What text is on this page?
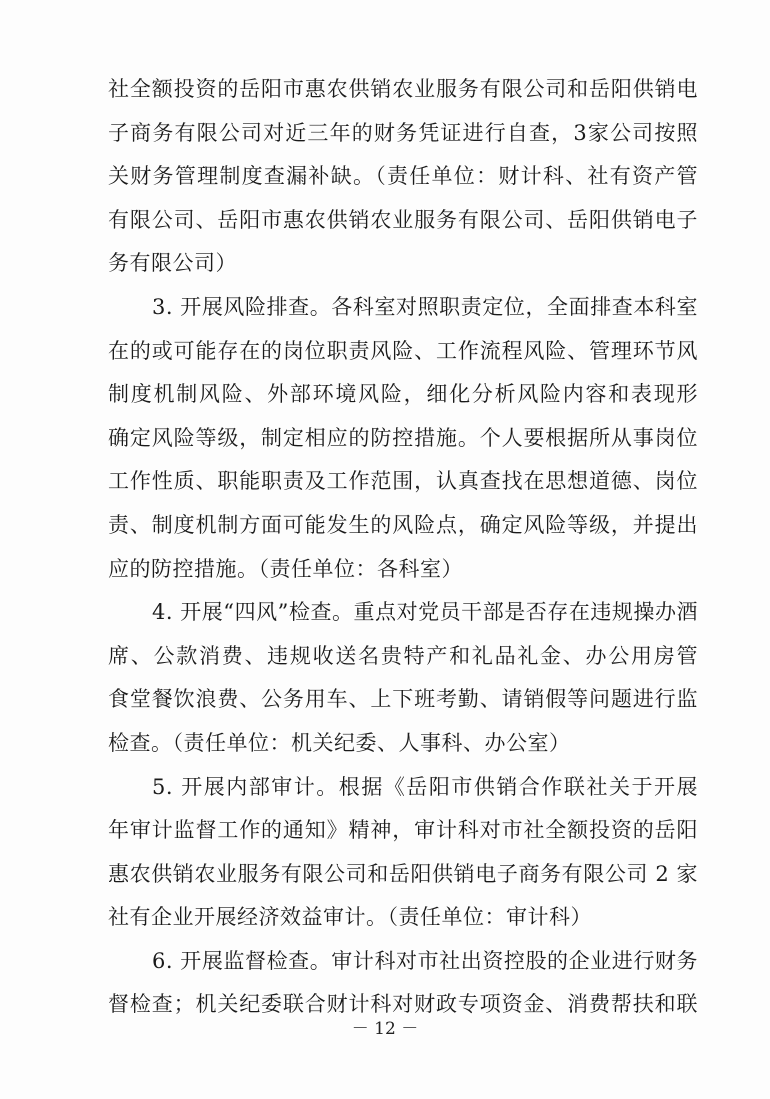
社全额投资的岳阳市惠农供销农业服务有限公司和岳阳供销电
子商务有限公司对近三年的财务凭证进行自查，3家公司按照
关财务管理制度查漏补缺。（责任单位：财计科、社有资产管
有限公司、岳阳市惠农供销农业服务有限公司、岳阳供销电子
务有限公司）
3. 开展风险排查。各科室对照职责定位，全面排查本科室
在的或可能存在的岗位职责风险、工作流程风险、管理环节风
制度机制风险、外部环境风险，细化分析风险内容和表现形
确定风险等级，制定相应的防控措施。个人要根据所从事岗位
工作性质、职能职责及工作范围，认真查找在思想道德、岗位
责、制度机制方面可能发生的风险点，确定风险等级，并提出
应的防控措施。（责任单位：各科室）
4. 开展“四风”检查。重点对党员干部是否存在违规操办酒
席、公款消费、违规收送名贵特产和礼品礼金、办公用房管
食堂餐饮浪费、公务用车、上下班考勤、请销假等问题进行监
检查。（责任单位：机关纪委、人事科、办公室）
5. 开展内部审计。根据《岳阳市供销合作联社关于开展
年审计监督工作的通知》精神，审计科对市社全额投资的岳阳
惠农供销农业服务有限公司和岳阳供销电子商务有限公司 2 家
社有企业开展经济效益审计。（责任单位：审计科）
6. 开展监督检查。审计科对市社出资控股的企业进行财务
督检查；机关纪委联合财计科对财政专项资金、消费帮扶和联
－ 12 －
